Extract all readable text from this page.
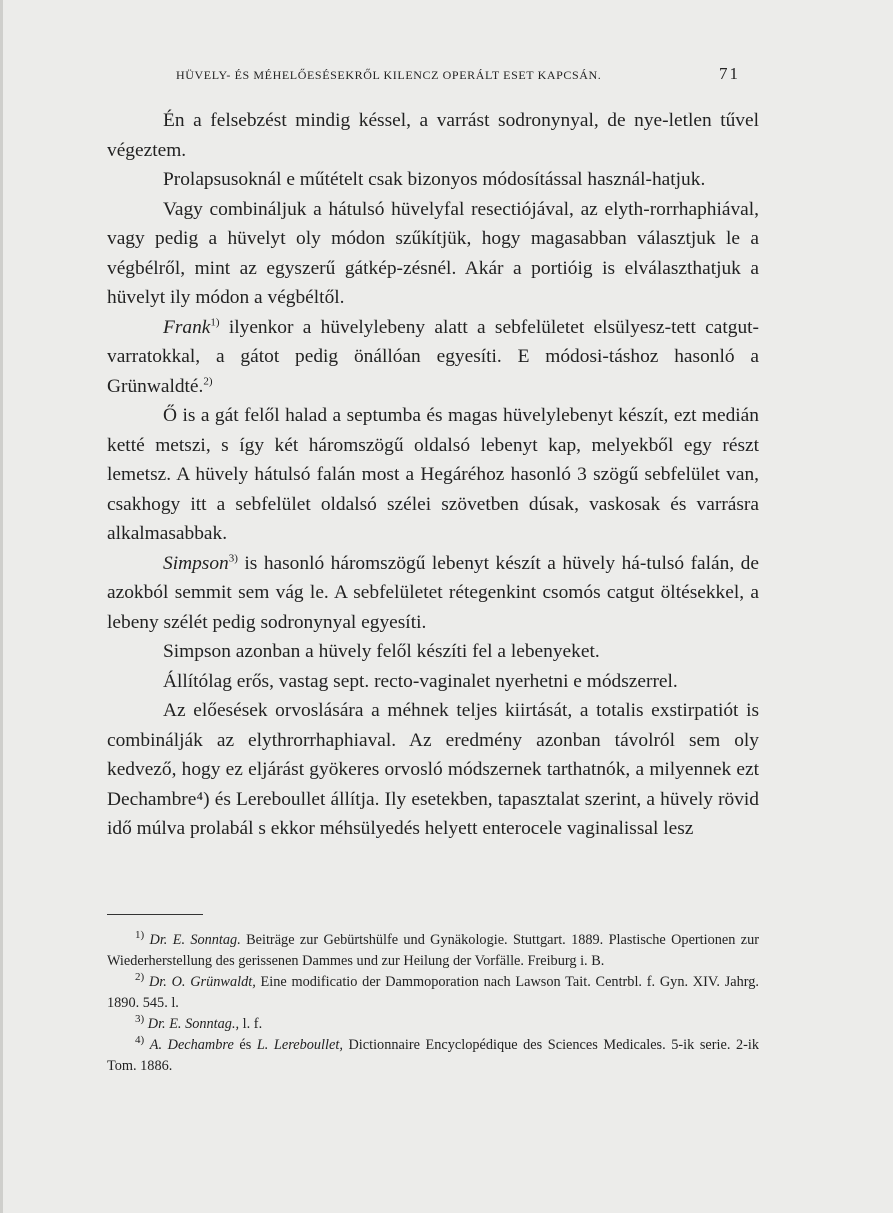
HÜVELY- ÉS MÉHELŐESÉSEKRŐL KILENCZ OPERÁLT ESET KAPCSÁN.	71

Én a felsebzést mindig késsel, a varrást sodronynyal, de nye-letlen tűvel végeztem.

Prolapsusoknál e műtételt csak bizonyos módosítással használ-hatjuk.

Vagy combináljuk a hátulsó hüvelyfal resectiójával, az elyth-rorrhaphiával, vagy pedig a hüvelyt oly módon szűkítjük, hogy magasabban választjuk le a végbélről, mint az egyszerű gátkép-zésnél. Akár a portióig is elválaszthatjuk a hüvelyt ily módon a végbéltől.

Frank$^{1)}$ ilyenkor a hüvelylebeny alatt a sebfelületet elsülyesz-tett catgut-varratokkal, a gátot pedig önállóan egyesíti. E módosi-táshoz hasonló a Grünwaldté.$^{2)}$

Ő is a gát felől halad a septumba és magas hüvelylebenyt készít, ezt medián ketté metszi, s így két háromszögű oldalsó lebenyt kap, melyekből egy részt lemetsz. A hüvely hátulsó falán most a Hegáréhoz hasonló 3 szögű sebfelület van, csakhogy itt a sebfelület oldalsó szélei szövetben dúsak, vaskosak és varrásra alkalmasabbak.

Simpson$^{3)}$ is hasonló háromszögű lebenyt készít a hüvely há-tulsó falán, de azokból semmit sem vág le. A sebfelületet rétegenkint csomós catgut öltésekkel, a lebeny szélét pedig sodronynyal egyesíti.

Simpson azonban a hüvely felől készíti fel a lebenyeket.

Állítólag erős, vastag sept. recto-vaginalet nyerhetni e módszerrel.

Az előesések orvoslására a méhnek teljes kiirtását, a totalis exstirpatiót is combinálják az elythrorrhaphiaval. Az eredmény azonban távolról sem oly kedvező, hogy ez eljárást gyökeres orvosló módszernek tarthatnók, a milyennek ezt Dechambre⁴) és Lereboullet állítja. Ily esetekben, tapasztalat szerint, a hüvely rövid idő múlva prolabál s ekkor méhsülyedés helyett enterocele vaginalissal lesz

$^{1)}$ Dr. E. Sonntag. Beiträge zur Gebürtshülfe und Gynäkologie. Stuttgart. 1889. Plastische Opertionen zur Wiederherstellung des gerissenen Dammes und zur Heilung der Vorfälle. Freiburg i. B.

$^{2)}$ Dr. O. Grünwaldt, Eine modificatio der Dammoporation nach Lawson Tait. Centrbl. f. Gyn. XIV. Jahrg. 1890. 545. l.

$^{3)}$ Dr. E. Sonntag., l. f.

$^{4)}$ A. Dechambre és L. Lereboullet, Dictionnaire Encyclopédique des Sciences Medicales. 5-ik serie. 2-ik Tom. 1886.
